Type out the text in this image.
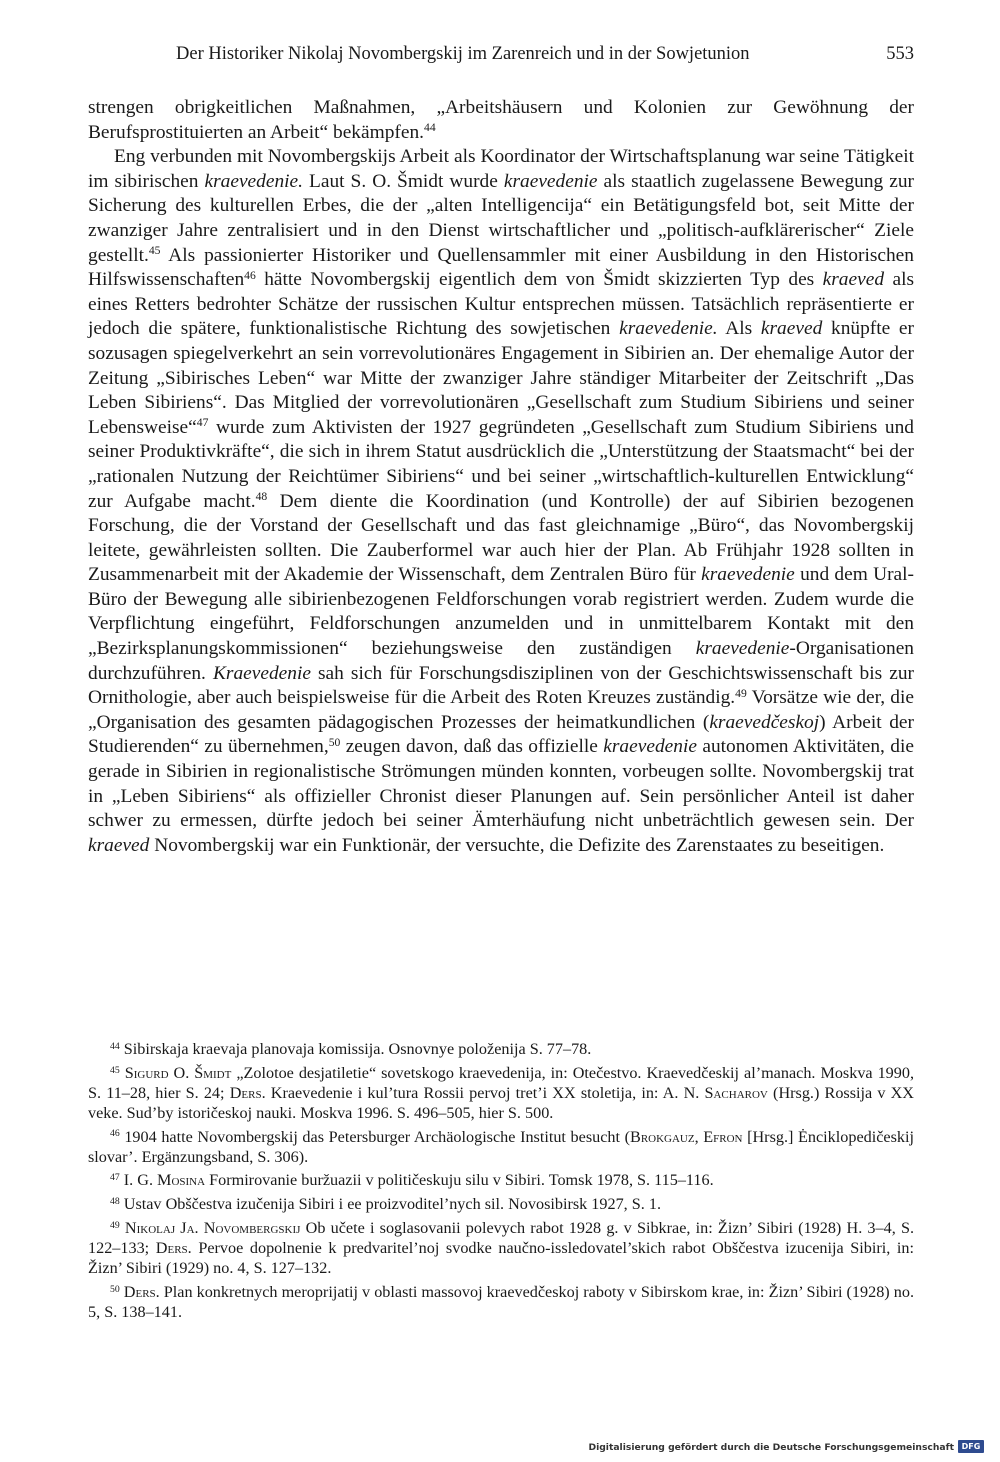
Der Historiker Nikolaj Novombergskij im Zarenreich und in der Sowjetunion	553

strengen obrigkeitlichen Maßnahmen, „Arbeitshäusern und Kolonien zur Gewöhnung der Berufsprostituierten an Arbeit“ bekämpfen.$^{44}$

Eng verbunden mit Novombergskijs Arbeit als Koordinator der Wirtschaftsplanung war seine Tätigkeit im sibirischen kraevedenie. Laut S. O. Šmidt wurde kraevedenie als staatlich zugelassene Bewegung zur Sicherung des kulturellen Erbes, die der „alten Intelligencija“ ein Betätigungsfeld bot, seit Mitte der zwanziger Jahre zentralisiert und in den Dienst wirtschaftlicher und „politisch-aufklärerischer“ Ziele gestellt.$^{45}$ Als passionierter Historiker und Quellensammler mit einer Ausbildung in den Historischen Hilfswissenschaften$^{46}$ hätte Novombergskij eigentlich dem von Šmidt skizzierten Typ des kraeved als eines Retters bedrohter Schätze der russischen Kultur entsprechen müssen. Tatsächlich repräsentierte er jedoch die spätere, funktionalistische Richtung des sowjetischen kraevedenie. Als kraeved knüpfte er sozusagen spiegelverkehrt an sein vorrevolutionäres Engagement in Sibirien an. Der ehemalige Autor der Zeitung „Sibirisches Leben“ war Mitte der zwanziger Jahre ständiger Mitarbeiter der Zeitschrift „Das Leben Sibiriens“. Das Mitglied der vorrevolutionären „Gesellschaft zum Studium Sibiriens und seiner Lebensweise“$^{47}$ wurde zum Aktivisten der 1927 gegründeten „Gesellschaft zum Studium Sibiriens und seiner Produktivkräfte“, die sich in ihrem Statut ausdrücklich die „Unterstützung der Staatsmacht“ bei der „rationalen Nutzung der Reichtümer Sibiriens“ und bei seiner „wirtschaftlich-kulturellen Entwicklung“ zur Aufgabe macht.$^{48}$ Dem diente die Koordination (und Kontrolle) der auf Sibirien bezogenen Forschung, die der Vorstand der Gesellschaft und das fast gleichnamige „Büro“, das Novombergskij leitete, gewährleisten sollten. Die Zauberformel war auch hier der Plan. Ab Frühjahr 1928 sollten in Zusammenarbeit mit der Akademie der Wissenschaft, dem Zentralen Büro für kraevedenie und dem Ural-Büro der Bewegung alle sibirienbezogenen Feldforschungen vorab registriert werden. Zudem wurde die Verpflichtung eingeführt, Feldforschungen anzumelden und in unmittelbarem Kontakt mit den „Bezirksplanungskommissionen“ beziehungsweise den zuständigen kraevedenie-Organisationen durchzuführen. Kraevedenie sah sich für Forschungsdisziplinen von der Geschichtswissenschaft bis zur Ornithologie, aber auch beispielsweise für die Arbeit des Roten Kreuzes zuständig.$^{49}$ Vorsätze wie der, die „Organisation des gesamten pädagogischen Prozesses der heimatkundlichen (kraevedčeskoj) Arbeit der Studierenden“ zu übernehmen,$^{50}$ zeugen davon, daß das offizielle kraevedenie autonomen Aktivitäten, die gerade in Sibirien in regionalistische Strömungen münden konnten, vorbeugen sollte. Novombergskij trat in „Leben Sibiriens“ als offizieller Chronist dieser Planungen auf. Sein persönlicher Anteil ist daher schwer zu ermessen, dürfte jedoch bei seiner Ämterhäufung nicht unbeträchtlich gewesen sein. Der kraeved Novombergskij war ein Funktionär, der versuchte, die Defizite des Zarenstaates zu beseitigen.

$^{44}$ Sibirskaja kraevaja planovaja komissija. Osnovnye položenija S. 77–78.

$^{45}$ Sigurd O. Šmidt „Zolotoe desjatiletie“ sovetskogo kraevedenija, in: Otečestvo. Kraevedčeskij al’manach. Moskva 1990, S. 11–28, hier S. 24; Ders. Kraevedenie i kul’tura Rossii pervoj tret’i XX stoletija, in: A. N. Sacharov (Hrsg.) Rossija v XX veke. Sud’by istoričeskoj nauki. Moskva 1996. S. 496–505, hier S. 500.

$^{46}$ 1904 hatte Novombergskij das Petersburger Archäologische Institut besucht (Brokgauz, Efron [Hrsg.] Ėnciklopedičeskij slovar’. Ergänzungsband, S. 306).

$^{47}$ I. G. Mosina Formirovanie buržuazii v političeskuju silu v Sibiri. Tomsk 1978, S. 115–116.

$^{48}$ Ustav Obščestva izučenija Sibiri i ee proizvoditel’nych sil. Novosibirsk 1927, S. 1.

$^{49}$ Nikolaj Ja. Novombergskij Ob učete i soglasovanii polevych rabot 1928 g. v Sibkrae, in: Žizn’ Sibiri (1928) H. 3–4, S. 122–133; Ders. Pervoe dopolnenie k predvaritel’noj svodke naučno-issledovatel’skich rabot Obščestva izucenija Sibiri, in: Žizn’ Sibiri (1929) no. 4, S. 127–132.

$^{50}$ Ders. Plan konkretnych meroprijatij v oblasti massovoj kraevedčeskoj raboty v Sibirskom krae, in: Žizn’ Sibiri (1928) no. 5, S. 138–141.

Digitalisierung gefördert durch die Deutsche Forschungsgemeinschaft DFG
